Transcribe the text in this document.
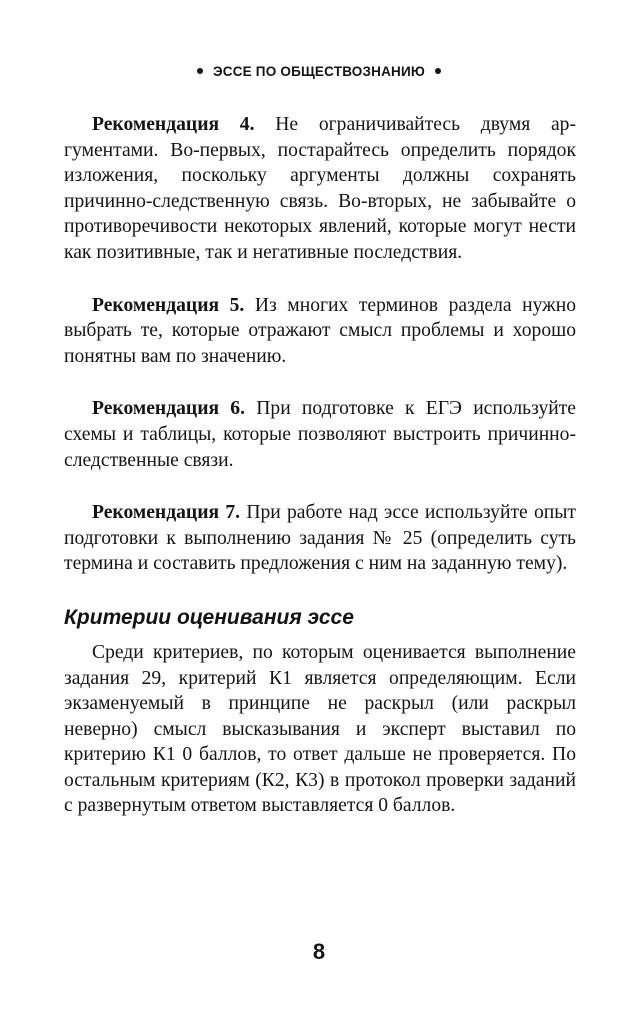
ЭССЕ ПО ОБЩЕСТВОЗНАНИЮ

Рекомендация 4. Не ограничивайтесь двумя аргументами. Во-первых, постарайтесь определить порядок изложения, поскольку аргументы должны сохранять причинно-следственную связь. Во-вторых, не забывайте о противоречивости некоторых явлений, которые могут нести как позитивные, так и негативные последствия.

Рекомендация 5. Из многих терминов раздела нужно выбрать те, которые отражают смысл проблемы и хорошо понятны вам по значению.

Рекомендация 6. При подготовке к ЕГЭ используйте схемы и таблицы, которые позволяют выстроить причинно-следственные связи.

Рекомендация 7. При работе над эссе используйте опыт подготовки к выполнению задания № 25 (определить суть термина и составить предложения с ним на заданную тему).

Критерии оценивания эссе

Среди критериев, по которым оценивается выполнение задания 29, критерий К1 является определяющим. Если экзаменуемый в принципе не раскрыл (или раскрыл неверно) смысл высказывания и эксперт выставил по критерию К1 0 баллов, то ответ дальше не проверяется. По остальным критериям (К2, К3) в протокол проверки заданий с развернутым ответом выставляется 0 баллов.

8
